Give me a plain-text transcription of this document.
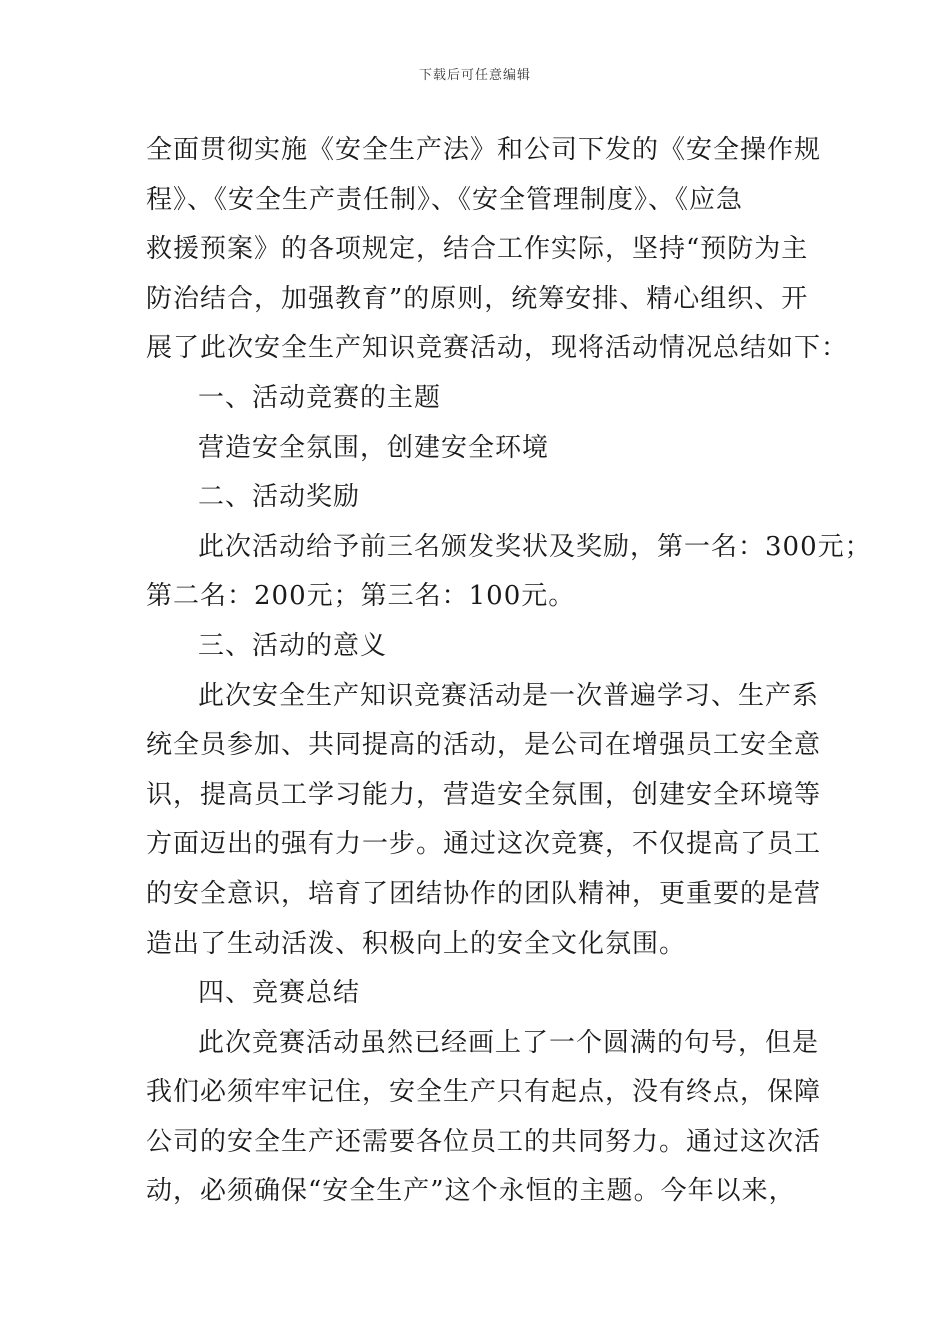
下载后可任意编辑
全面贯彻实施《安全生产法》和公司下发的《安全操作规
程》、《安全生产责任制》、《安全管理制度》、《应急
救援预案》的各项规定，结合工作实际，坚持“预防为主
防治结合，加强教育”的原则，统筹安排、精心组织、开
展了此次安全生产知识竞赛活动，现将活动情况总结如下：
一、活动竞赛的主题
营造安全氛围，创建安全环境
二、活动奖励
此次活动给予前三名颁发奖状及奖励，第一名：300元；
第二名：200元；第三名：100元。
三、活动的意义
此次安全生产知识竞赛活动是一次普遍学习、生产系
统全员参加、共同提高的活动，是公司在增强员工安全意
识，提高员工学习能力，营造安全氛围，创建安全环境等
方面迈出的强有力一步。通过这次竞赛，不仅提高了员工
的安全意识，培育了团结协作的团队精神，更重要的是营
造出了生动活泼、积极向上的安全文化氛围。
四、竞赛总结
此次竞赛活动虽然已经画上了一个圆满的句号，但是
我们必须牢牢记住，安全生产只有起点，没有终点，保障
公司的安全生产还需要各位员工的共同努力。通过这次活
动，必须确保“安全生产”这个永恒的主题。今年以来，
